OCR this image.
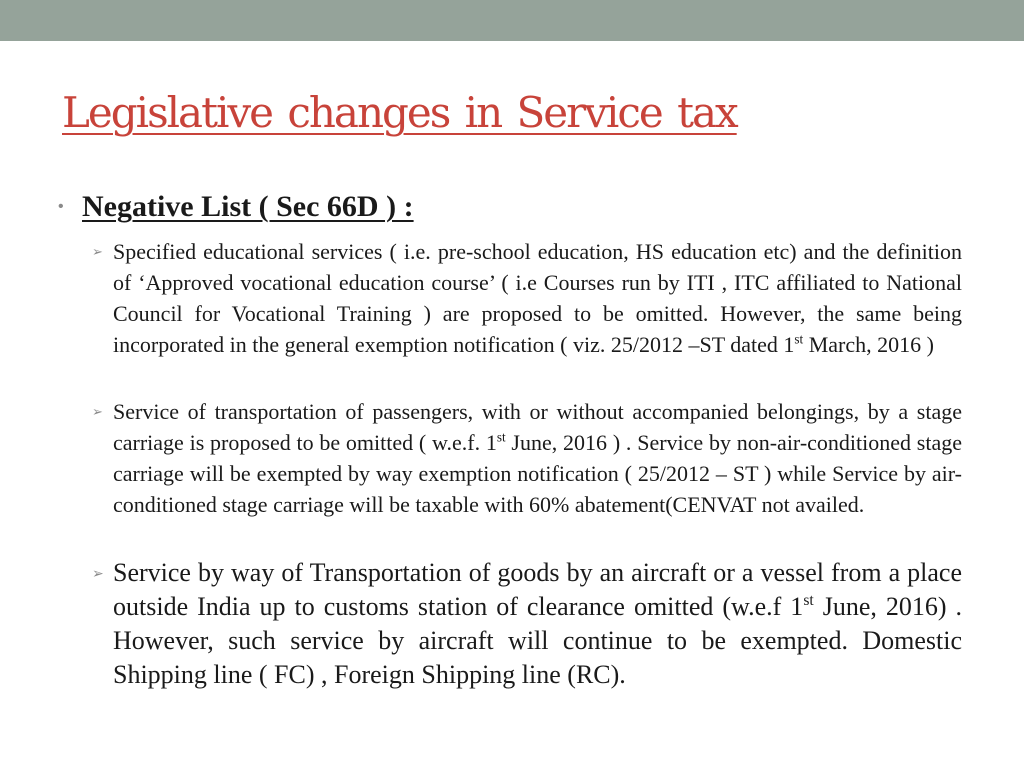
Legislative changes in Service tax
• Negative List ( Sec 66D ) :

➢ Specified educational services ( i.e. pre-school education, HS education etc) and the definition of ‘Approved vocational education course’ ( i.e Courses run by ITI , ITC affiliated to National Council for Vocational Training ) are proposed to be omitted. However, the same being incorporated in the general exemption notification ( viz. 25/2012 –ST dated 1st March, 2016 )

➢ Service of transportation of passengers, with or without accompanied belongings, by a stage carriage is proposed to be omitted ( w.e.f. 1st June, 2016 ) . Service by non-air-conditioned stage carriage will be exempted by way exemption notification ( 25/2012 – ST ) while Service by air-conditioned stage carriage will be taxable with 60% abatement(CENVAT not availed.

➢ Service by way of Transportation of goods by an aircraft or a vessel from a place outside India up to customs station of clearance omitted (w.e.f 1st June, 2016) . However, such service by aircraft will continue to be exempted. Domestic Shipping line ( FC) , Foreign Shipping line (RC).
